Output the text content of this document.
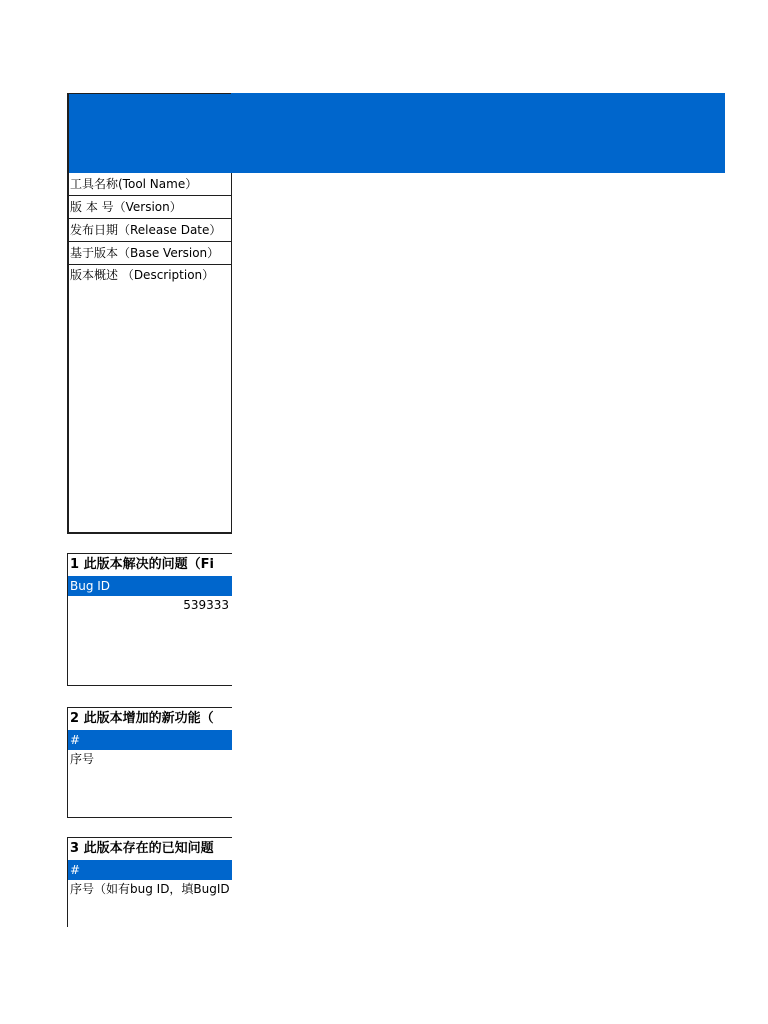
工具名称(Tool Name）
版 本 号（Version）
发布日期（Release Date）
基于版本（Base Version）
版本概述 （Description）
1 此版本解决的问题（Fi
Bug ID
539333
2 此版本增加的新功能（
#
序号
3 此版本存在的已知问题
#
序号（如有bug ID，填BugID
